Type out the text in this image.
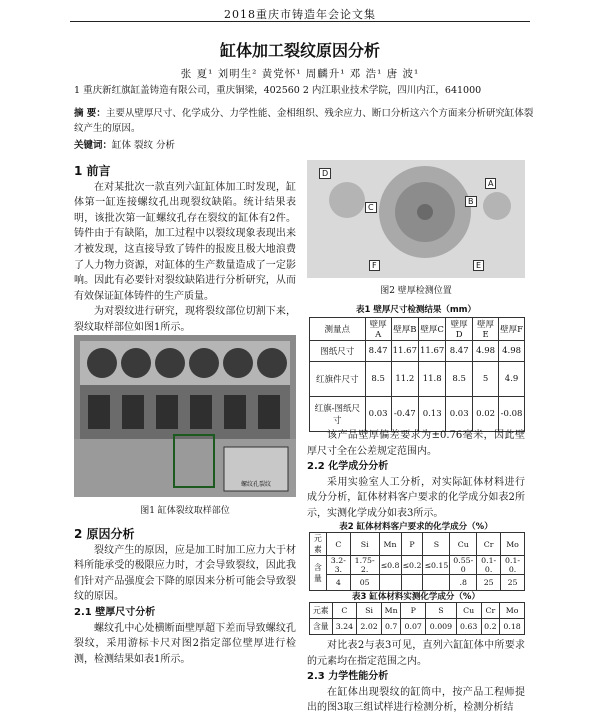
2018重庆市铸造年会论文集
缸体加工裂纹原因分析
张 夏¹ 刘明生² 黄党怀¹ 周麟升¹ 邓 浩¹ 唐 波¹
1 重庆新红旗缸盖铸造有限公司，重庆铜梁，402560 2 内江职业技术学院，四川内江，641000
摘 要：主要从壁厚尺寸、化学成分、力学性能、金相组织、残余应力、断口分析这六个方面来分析研究缸体裂纹产生的原因。
关键词：缸体 裂纹 分析

1 前言

在对某批次一款直列六缸缸体加工时发现，缸体第一缸连接螺纹孔出现裂纹缺陷。统计结果表明，该批次第一缸螺纹孔存在裂纹的缸体有2件。铸件由于有缺陷，加工过程中以裂纹现象表现出来才被发现，这直接导致了铸件的报废且极大地浪费了人力物力资源，对缸体的生产数量造成了一定影响。因此有必要针对裂纹缺陷进行分析研究，从而有效保证缸体铸件的生产质量。

为对裂纹进行研究，现将裂纹部位切割下来，裂纹取样部位如图1所示。

螺纹孔裂纹
图1 缸体裂纹取样部位

2 原因分析

裂纹产生的原因，应是加工时加工应力大于材料所能承受的极限应力时，才会导致裂纹，因此我们针对产品强度会下降的原因来分析可能会导致裂纹的原因。

2.1 壁厚尺寸分析

螺纹孔中心处横断面壁厚超下差而导致螺纹孔裂纹，采用游标卡尺对图2指定部位壁厚进行检测，检测结果如表1所示。

D
C
B
A
F	E
图2 壁厚检测位置
表1 壁厚尺寸检测结果（mm）
测量点	壁厚A	壁厚B	壁厚C	壁厚D	壁厚E	壁厚F
图纸尺寸	8.47	11.67	11.67	8.47	4.98	4.98
红旗件尺寸	8.5	11.2	11.8	8.5	5	4.9
红旗-图纸尺寸	0.03	-0.47	0.13	0.03	0.02	-0.08

该产品壁厚偏差要求为±0.76毫米，因此壁厚尺寸全在公差规定范围内。

2.2 化学成分分析

采用实验室人工分析，对实际缸体材料进行成分分析，缸体材料客户要求的化学成分如表2所示，实测化学成分如表3所示。

表2 缸体材料客户要求的化学成分（%）
元素	C	Si	Mn	P	S	Cu	Cr	Mo
含量	3.2-3.	1.75-2.	≤0.8	≤0.2	≤0.15	0.55-0	0.1-0.	0.1-0.
	4	05				.8	25	25
表3 缸体材料实测化学成分（%）
元素	C	Si	Mn	P	S	Cu	Cr	Mo
含量	3.24	2.02	0.7	0.07	0.009	0.63	0.2	0.18

对比表2与表3可见，直列六缸缸体中所要求的元素均在指定范围之内。

2.3 力学性能分析

在缸体出现裂纹的缸筒中，按产品工程师提出的图3取三组试样进行检测分析，检测分析结
